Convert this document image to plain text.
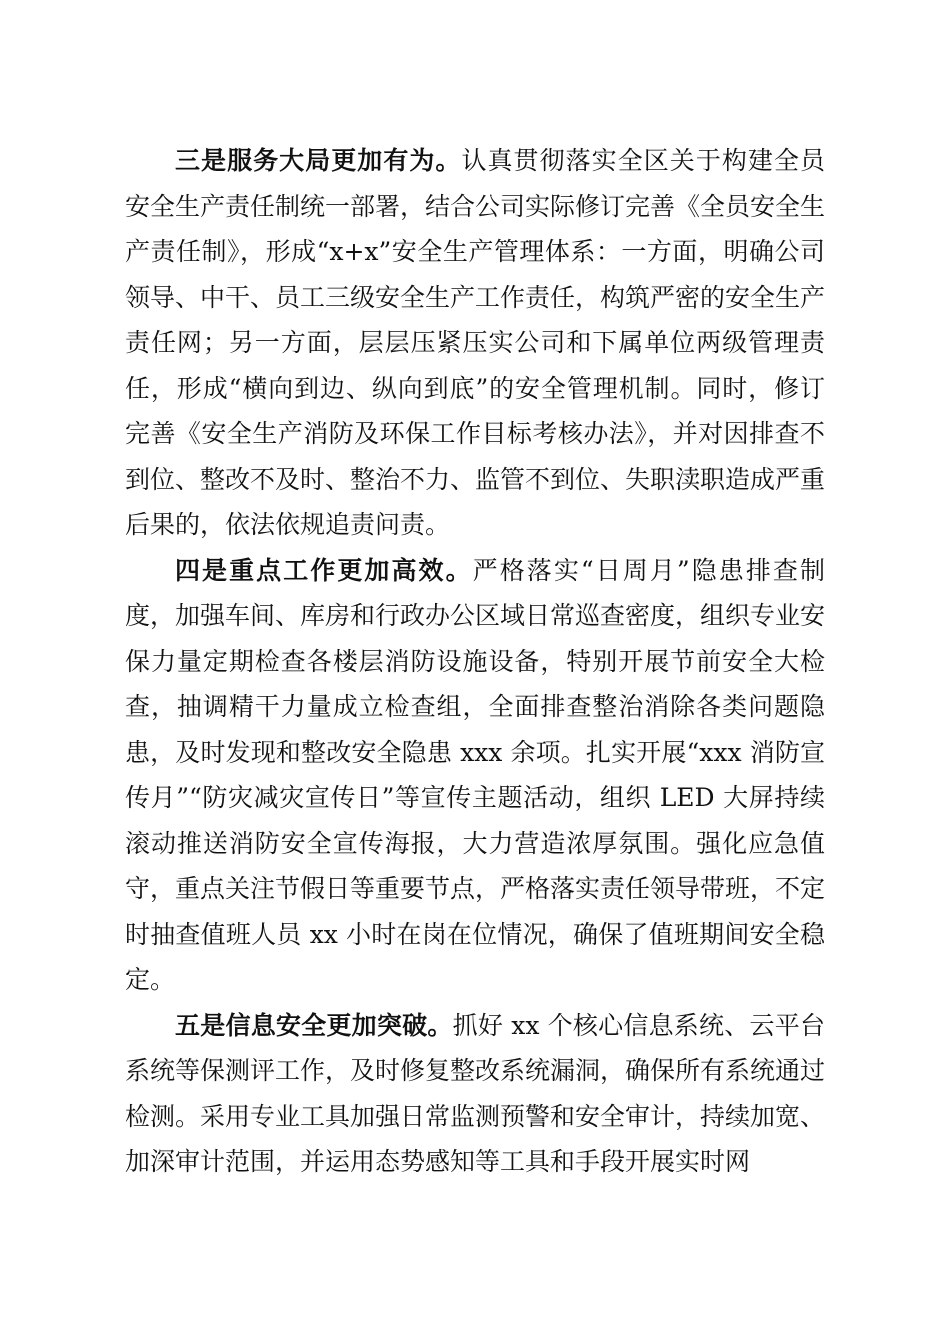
三是服务大局更加有为。认真贯彻落实全区关于构建全员安全生产责任制统一部署，结合公司实际修订完善《全员安全生产责任制》，形成“x+x”安全生产管理体系：一方面，明确公司领导、中干、员工三级安全生产工作责任，构筑严密的安全生产责任网；另一方面，层层压紧压实公司和下属单位两级管理责任，形成“横向到边、纵向到底”的安全管理机制。同时，修订完善《安全生产消防及环保工作目标考核办法》，并对因排查不到位、整改不及时、整治不力、监管不到位、失职渎职造成严重后果的，依法依规追责问责。

四是重点工作更加高效。严格落实“日周月”隐患排查制度，加强车间、库房和行政办公区域日常巡查密度，组织专业安保力量定期检查各楼层消防设施设备，特别开展节前安全大检查，抽调精干力量成立检查组，全面排查整治消除各类问题隐患，及时发现和整改安全隐患 xxx 余项。扎实开展“xxx 消防宣传月”“防灾减灾宣传日”等宣传主题活动，组织 LED 大屏持续滚动推送消防安全宣传海报，大力营造浓厚氛围。强化应急值守，重点关注节假日等重要节点，严格落实责任领导带班，不定时抽查值班人员 xx 小时在岗在位情况，确保了值班期间安全稳定。

五是信息安全更加突破。抓好 xx 个核心信息系统、云平台系统等保测评工作，及时修复整改系统漏洞，确保所有系统通过检测。采用专业工具加强日常监测预警和安全审计，持续加宽、加深审计范围，并运用态势感知等工具和手段开展实时网
